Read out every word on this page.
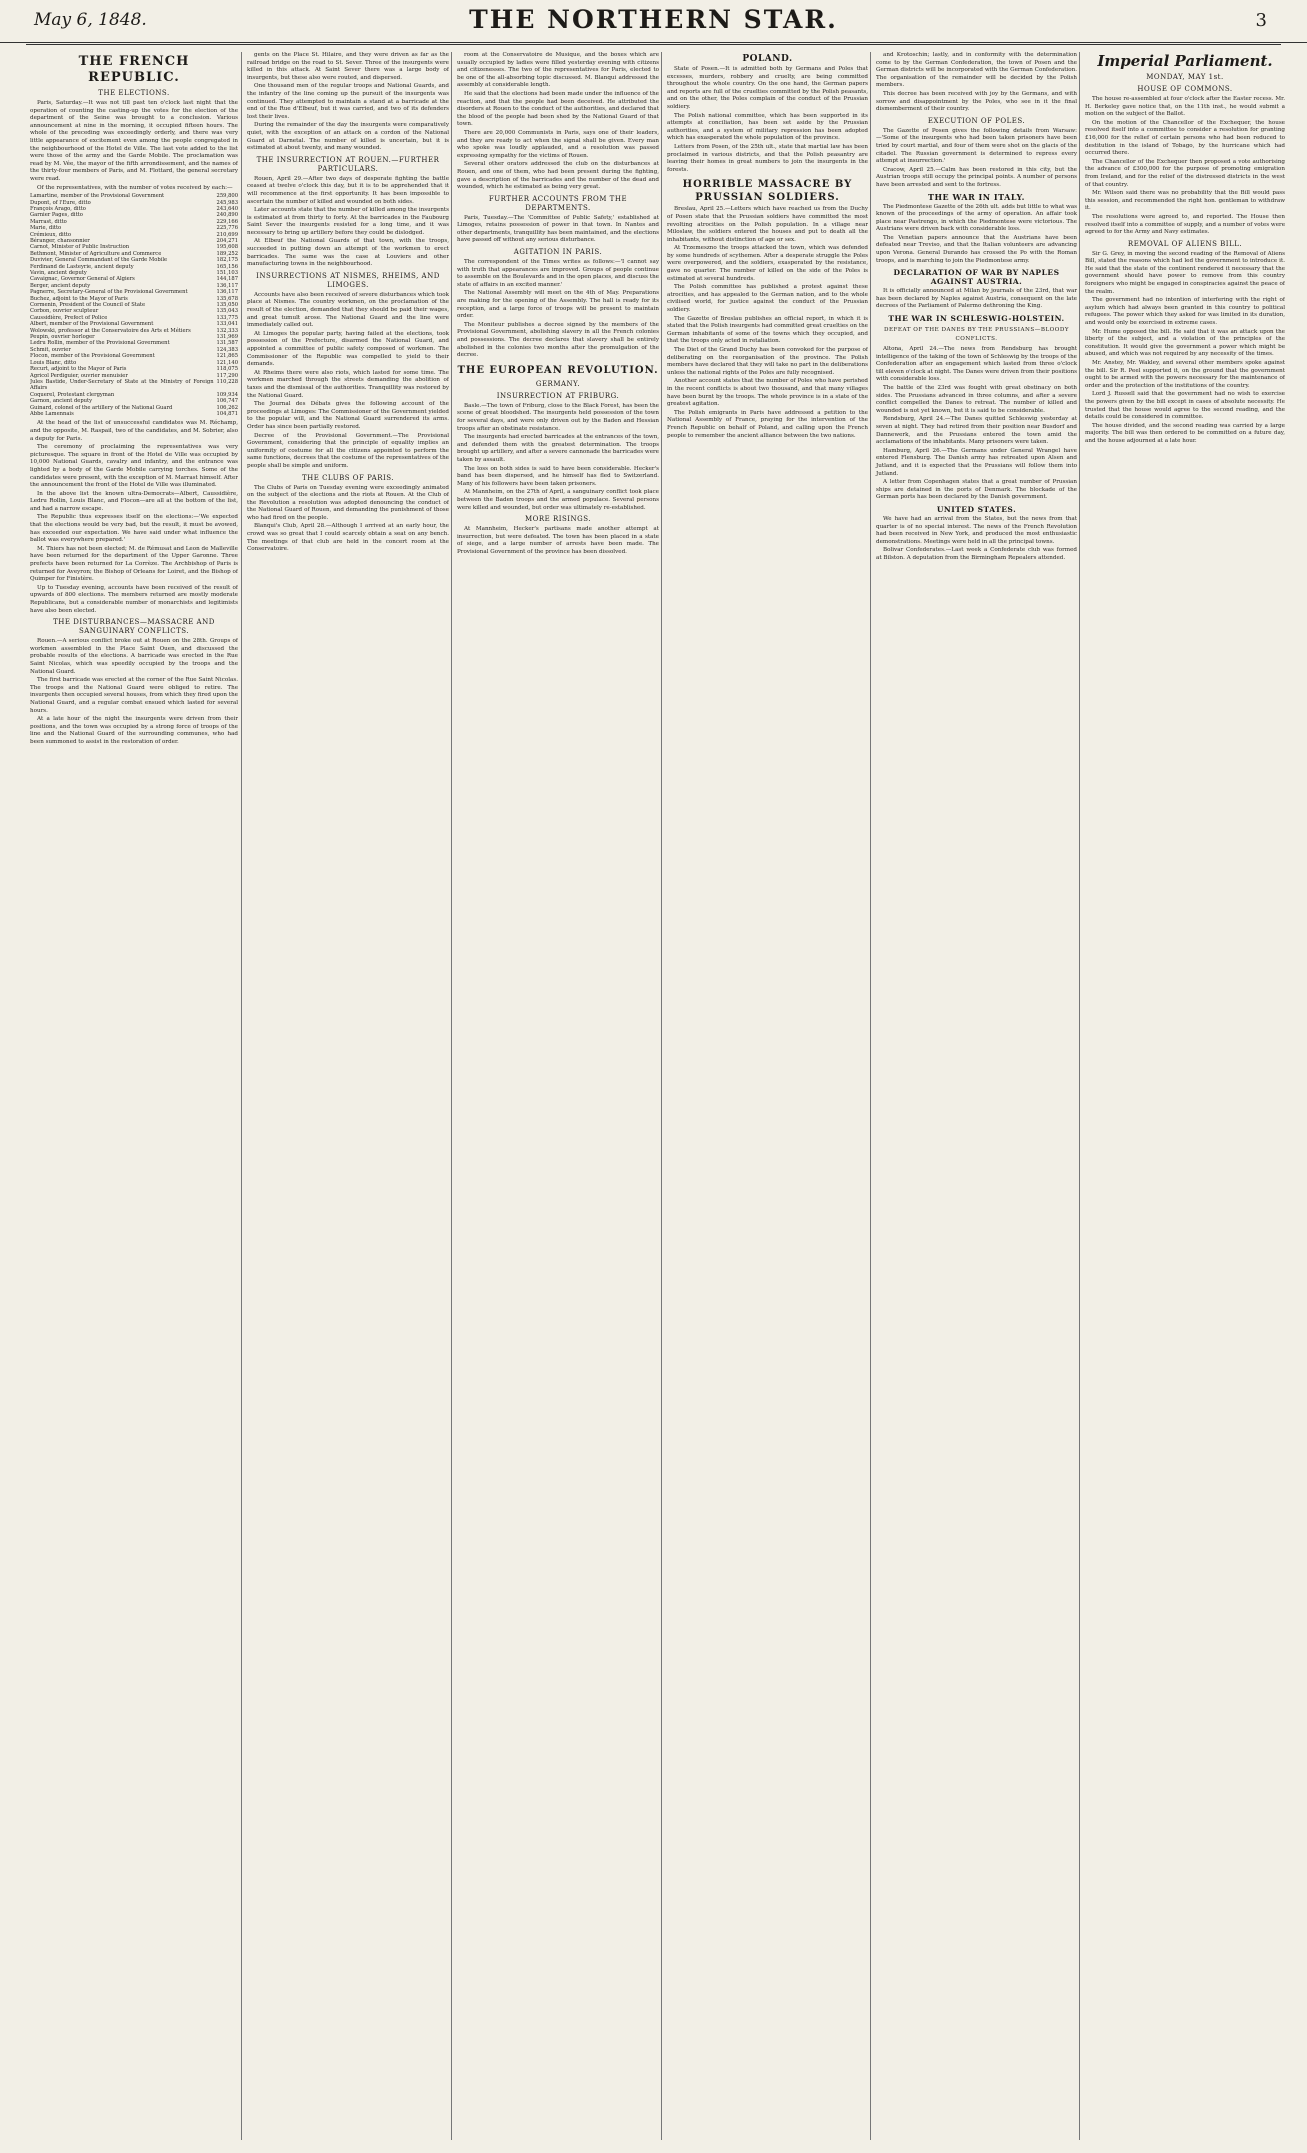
May 6, 1848.	THE NORTHERN STAR.	3
THE FRENCH REPUBLIC.
THE ELECTIONS.

Paris, Saturday.—It was not till past ten o'clock last night that the operation of counting the casting-up the votes for the election of the department of the Seine was brought to a conclusion. Various announcement at nine in the morning, it occupied fifteen hours. The whole of the preceding was exceedingly orderly, and there was very little appearance of excitement even among the people congregated in the neighbourhood of the Hotel de Ville. The last vote added to the list were those of the army and the Garde Mobile. The proclamation was read by M. Vée, the mayor of the fifth arrondissement, and the names of the thirty-four members of Paris, and M. Flottard, the general secretary were read.

Of the representatives, with the number of votes received by each:—

Lamartine, member of the Provisional Government	259,800
Dupont, of l'Eure, ditto	245,983
François Arago, ditto	243,640
Garnier Pages, ditto	240,890
Marrast, ditto	229,166
Marie, ditto	225,776
Crémieux, ditto	210,699
Béranger, chansonnier	204,271
Carnot, Minister of Public Instruction	195,608
Bethmont, Minister of Agriculture and Commerce	189,252
Duvivier, General Commandant of the Garde Mobile	182,175
Ferdinand de Lasteyrie, ancient deputy	165,156
Vavin, ancient deputy	151,103
Cavaignac, Governor General of Algiers	144,187
Berger, ancient deputy	136,117
Pagnerre, Secretary-General of the Provisional Government	136,117
Buchez, adjoint to the Mayor of Paris	135,678
Cormenin, President of the Council of State	135,050
Corbon, ouvrier sculpteur	135,043
Caussidière, Prefect of Police	133,775
Albert, member of the Provisional Government	133,041
Wolowski, professor at the Conservatoire des Arts et Métiers	132,333
Peupin, ouvrier horloger	131,969
Ledru Rollin, member of the Provisional Government	131,587
Schmit, ouvrier	124,383
Flocon, member of the Provisional Government	121,865
Louis Blanc, ditto	121,140
Recurt, adjoint to the Mayor of Paris	118,075
Agricol Perdiguier, ouvrier menuisier	117,290
Jules Bastide, Under-Secretary of State at the Ministry of Foreign Affairs	110,228
Coquerel, Protestant clergyman	109,934
Garnon, ancient deputy	106,747
Guinard, colonel of the artillery of the National Guard	106,262
Abbe Lamennais	104,871

At the head of the list of unsuccessful candidates was M. Réchamp, and the opposite, M. Raspail, two of the candidates, and M. Sobrier, also a deputy for Paris.

The ceremony of proclaiming the representatives was very picturesque. The square in front of the Hotel de Ville was occupied by 10,000 National Guards, cavalry and infantry, and the entrance was lighted by a body of the Garde Mobile carrying torches. Some of the candidates were present, with the exception of M. Marrast himself. After the announcement the front of the Hotel de Ville was illuminated.

In the above list the known ultra-Democrats—Albert, Caussidière, Ledru Rollin, Louis Blanc, and Flocon—are all at the bottom of the list, and had a narrow escape.

The Republic thus expresses itself on the elections:—'We expected that the elections would be very bad, but the result, it must be avowed, has exceeded our expectation. We have said under what influence the ballot was everywhere prepared.'

M. Thiers has not been elected; M. de Rémusat and Leon de Malleville have been returned for the department of the Upper Garonne. Three prefects have been returned for La Corrèze. The Archbishop of Paris is returned for Aveyron; the Bishop of Orleans for Loiret, and the Bishop of Quimper for Finistère.

Up to Tuesday evening, accounts have been received of the result of upwards of 800 elections. The members returned are mostly moderate Republicans, but a considerable number of monarchists and legitimists have also been elected.

THE DISTURBANCES—MASSACRE AND SANGUINARY CONFLICTS.

Rouen.—A serious conflict broke out at Rouen on the 28th. Groups of workmen assembled in the Place Saint Ouen, and discussed the probable results of the elections. A barricade was erected in the Rue Saint Nicolas, which was speedily occupied by the troops and the National Guard.

The first barricade was erected at the corner of the Rue Saint Nicolas. The troops and the National Guard were obliged to retire. The insurgents then occupied several houses, from which they fired upon the National Guard, and a regular combat ensued which lasted for several hours.

At a late hour of the night the insurgents were driven from their positions, and the town was occupied by a strong force of troops of the line and the National Guard of the surrounding communes, who had been summoned to assist in the restoration of order.

gents on the Place St. Hilaire, and they were driven as far as the railroad bridge on the road to St. Sever. Three of the insurgents were killed in this attack. At Saint Sever there was a large body of insurgents, but these also were routed, and dispersed.

One thousand men of the regular troops and National Guards, and the infantry of the line coming up the pursuit of the insurgents was continued. They attempted to maintain a stand at a barricade at the end of the Rue d'Elbeuf, but it was carried, and two of its defenders lost their lives.

During the remainder of the day the insurgents were comparatively quiet, with the exception of an attack on a cordon of the National Guard at Darnetal. The number of killed is uncertain, but it is estimated at about twenty, and many wounded.

THE INSURRECTION AT ROUEN.—FURTHER PARTICULARS.

Rouen, April 29.—After two days of desperate fighting the battle ceased at twelve o'clock this day, but it is to be apprehended that it will recommence at the first opportunity. It has been impossible to ascertain the number of killed and wounded on both sides.

Later accounts state that the number of killed among the insurgents is estimated at from thirty to forty. At the barricades in the Faubourg Saint Sever the insurgents resisted for a long time, and it was necessary to bring up artillery before they could be dislodged.

At Elbeuf the National Guards of that town, with the troops, succeeded in putting down an attempt of the workmen to erect barricades. The same was the case at Louviers and other manufacturing towns in the neighbourhood.

INSURRECTIONS AT NISMES, RHEIMS, AND LIMOGES.

Accounts have also been received of severe disturbances which took place at Nismes. The country workmen, on the proclamation of the result of the election, demanded that they should be paid their wages, and great tumult arose. The National Guard and the line were immediately called out.

At Limoges the popular party, having failed at the elections, took possession of the Prefecture, disarmed the National Guard, and appointed a committee of public safety composed of workmen. The Commissioner of the Republic was compelled to yield to their demands.

At Rheims there were also riots, which lasted for some time. The workmen marched through the streets demanding the abolition of taxes and the dismissal of the authorities. Tranquillity was restored by the National Guard.

The Journal des Débats gives the following account of the proceedings at Limoges: The Commissioner of the Government yielded to the popular will, and the National Guard surrendered its arms. Order has since been partially restored.

Decree of the Provisional Government.—The Provisional Government, considering that the principle of equality implies an uniformity of costume for all the citizens appointed to perform the same functions, decrees that the costume of the representatives of the people shall be simple and uniform.

THE CLUBS OF PARIS.

The Clubs of Paris on Tuesday evening were exceedingly animated on the subject of the elections and the riots at Rouen. At the Club of the Revolution a resolution was adopted denouncing the conduct of the National Guard of Rouen, and demanding the punishment of those who had fired on the people.

Blanqui's Club, April 28.—Although I arrived at an early hour, the crowd was so great that I could scarcely obtain a seat on any bench. The meetings of that club are held in the concert room at the Conservatoire.

room at the Conservatoire de Musique, and the boxes which are usually occupied by ladies were filled yesterday evening with citizens and citizenesses. The two of the representatives for Paris, elected to be one of the all-absorbing topic discussed. M. Blanqui addressed the assembly at considerable length.

He said that the elections had been made under the influence of the reaction, and that the people had been deceived. He attributed the disorders at Rouen to the conduct of the authorities, and declared that the blood of the people had been shed by the National Guard of that town.

There are 20,000 Communists in Paris, says one of their leaders, and they are ready to act when the signal shall be given. Every man who spoke was loudly applauded, and a resolution was passed expressing sympathy for the victims of Rouen.

Several other orators addressed the club on the disturbances at Rouen, and one of them, who had been present during the fighting, gave a description of the barricades and the number of the dead and wounded, which he estimated as being very great.

FURTHER ACCOUNTS FROM THE DEPARTMENTS.

Paris, Tuesday.—The 'Committee of Public Safety,' established at Limoges, retains possession of power in that town. In Nantes and other departments, tranquillity has been maintained, and the elections have passed off without any serious disturbance.

AGITATION IN PARIS.

The correspondent of the Times writes as follows:—'I cannot say with truth that appearances are improved. Groups of people continue to assemble on the Boulevards and in the open places, and discuss the state of affairs in an excited manner.'

The National Assembly will meet on the 4th of May. Preparations are making for the opening of the Assembly. The hall is ready for its reception, and a large force of troops will be present to maintain order.

The Moniteur publishes a decree signed by the members of the Provisional Government, abolishing slavery in all the French colonies and possessions. The decree declares that slavery shall be entirely abolished in the colonies two months after the promulgation of the decree.

THE EUROPEAN REVOLUTION.
GERMANY.
INSURRECTION AT FRIBURG.

Basle.—The town of Friburg, close to the Black Forest, has been the scene of great bloodshed. The insurgents held possession of the town for several days, and were only driven out by the Baden and Hessian troops after an obstinate resistance.

The insurgents had erected barricades at the entrances of the town, and defended them with the greatest determination. The troops brought up artillery, and after a severe cannonade the barricades were taken by assault.

The loss on both sides is said to have been considerable. Hecker's band has been dispersed, and he himself has fled to Switzerland. Many of his followers have been taken prisoners.

At Mannheim, on the 27th of April, a sanguinary conflict took place between the Baden troops and the armed populace. Several persons were killed and wounded, but order was ultimately re-established.

MORE RISINGS.

At Mannheim, Hecker's partisans made another attempt at insurrection, but were defeated. The town has been placed in a state of siege, and a large number of arrests have been made. The Provisional Government of the province has been dissolved.

POLAND.

State of Posen.—It is admitted both by Germans and Poles that excesses, murders, robbery and cruelty, are being committed throughout the whole country. On the one hand, the German papers and reports are full of the cruelties committed by the Polish peasants, and on the other, the Poles complain of the conduct of the Prussian soldiery.

The Polish national committee, which has been supported in its attempts at conciliation, has been set aside by the Prussian authorities, and a system of military repression has been adopted which has exasperated the whole population of the province.

Letters from Posen, of the 25th ult., state that martial law has been proclaimed in various districts, and that the Polish peasantry are leaving their homes in great numbers to join the insurgents in the forests.

HORRIBLE MASSACRE BY PRUSSIAN SOLDIERS.

Breslau, April 25.—Letters which have reached us from the Duchy of Posen state that the Prussian soldiers have committed the most revolting atrocities on the Polish population. In a village near Miloslaw, the soldiers entered the houses and put to death all the inhabitants, without distinction of age or sex.

At Trzemeszno the troops attacked the town, which was defended by some hundreds of scythemen. After a desperate struggle the Poles were overpowered, and the soldiers, exasperated by the resistance, gave no quarter. The number of killed on the side of the Poles is estimated at several hundreds.

The Polish committee has published a protest against these atrocities, and has appealed to the German nation, and to the whole civilised world, for justice against the conduct of the Prussian soldiery.

The Gazette of Breslau publishes an official report, in which it is stated that the Polish insurgents had committed great cruelties on the German inhabitants of some of the towns which they occupied, and that the troops only acted in retaliation.

The Diet of the Grand Duchy has been convoked for the purpose of deliberating on the reorganisation of the province. The Polish members have declared that they will take no part in the deliberations unless the national rights of the Poles are fully recognised.

Another account states that the number of Poles who have perished in the recent conflicts is about two thousand, and that many villages have been burnt by the troops. The whole province is in a state of the greatest agitation.

The Polish emigrants in Paris have addressed a petition to the National Assembly of France, praying for the intervention of the French Republic on behalf of Poland, and calling upon the French people to remember the ancient alliance between the two nations.

and Krotoschin; lastly, and in conformity with the determination come to by the German Confederation, the town of Posen and the German districts will be incorporated with the German Confederation. The organisation of the remainder will be decided by the Polish members.

This decree has been received with joy by the Germans, and with sorrow and disappointment by the Poles, who see in it the final dismemberment of their country.

EXECUTION OF POLES.

The Gazette of Posen gives the following details from Warsaw:—'Some of the insurgents who had been taken prisoners have been tried by court martial, and four of them were shot on the glacis of the citadel. The Russian government is determined to repress every attempt at insurrection.'

Cracow, April 25.—Calm has been restored in this city, but the Austrian troops still occupy the principal points. A number of persons have been arrested and sent to the fortress.

THE WAR IN ITALY.

The Piedmontese Gazette of the 26th ult. adds but little to what was known of the proceedings of the army of operation. An affair took place near Pastrengo, in which the Piedmontese were victorious. The Austrians were driven back with considerable loss.

The Venetian papers announce that the Austrians have been defeated near Treviso, and that the Italian volunteers are advancing upon Verona. General Durando has crossed the Po with the Roman troops, and is marching to join the Piedmontese army.

DECLARATION OF WAR BY NAPLES AGAINST AUSTRIA.

It is officially announced at Milan by journals of the 23rd, that war has been declared by Naples against Austria, consequent on the late decrees of the Parliament of Palermo dethroning the King.

THE WAR IN SCHLESWIG-HOLSTEIN.
DEFEAT OF THE DANES BY THE PRUSSIANS—BLOODY CONFLICTS.

Altona, April 24.—The news from Rendsburg has brought intelligence of the taking of the town of Schleswig by the troops of the Confederation after an engagement which lasted from three o'clock till eleven o'clock at night. The Danes were driven from their positions with considerable loss.

The battle of the 23rd was fought with great obstinacy on both sides. The Prussians advanced in three columns, and after a severe conflict compelled the Danes to retreat. The number of killed and wounded is not yet known, but it is said to be considerable.

Rendsburg, April 24.—The Danes quitted Schleswig yesterday at seven at night. They had retired from their position near Busdorf and Dannewerk, and the Prussians entered the town amid the acclamations of the inhabitants. Many prisoners were taken.

Hamburg, April 26.—The Germans under General Wrangel have entered Flensburg. The Danish army has retreated upon Alsen and Jutland, and it is expected that the Prussians will follow them into Jutland.

A letter from Copenhagen states that a great number of Prussian ships are detained in the ports of Denmark. The blockade of the German ports has been declared by the Danish government.

UNITED STATES.

We have had an arrival from the States, but the news from that quarter is of no special interest. The news of the French Revolution had been received in New York, and produced the most enthusiastic demonstrations. Meetings were held in all the principal towns.

Bolivar Confederates.—Last week a Confederate club was formed at Bilston. A deputation from the Birmingham Repealers attended.

Imperial Parliament.
MONDAY, MAY 1st.
HOUSE OF COMMONS.

The house re-assembled at four o'clock after the Easter recess. Mr. H. Berkeley gave notice that, on the 11th inst., he would submit a motion on the subject of the Ballot.

On the motion of the Chancellor of the Exchequer, the house resolved itself into a committee to consider a resolution for granting £16,000 for the relief of certain persons who had been reduced to destitution in the island of Tobago, by the hurricane which had occurred there.

The Chancellor of the Exchequer then proposed a vote authorising the advance of £300,000 for the purpose of promoting emigration from Ireland, and for the relief of the distressed districts in the west of that country.

Mr. Wilson said there was no probability that the Bill would pass this session, and recommended the right hon. gentleman to withdraw it.

The resolutions were agreed to, and reported. The House then resolved itself into a committee of supply, and a number of votes were agreed to for the Army and Navy estimates.

REMOVAL OF ALIENS BILL.

Sir G. Grey, in moving the second reading of the Removal of Aliens Bill, stated the reasons which had led the government to introduce it. He said that the state of the continent rendered it necessary that the government should have power to remove from this country foreigners who might be engaged in conspiracies against the peace of the realm.

The government had no intention of interfering with the right of asylum which had always been granted in this country to political refugees. The power which they asked for was limited in its duration, and would only be exercised in extreme cases.

Mr. Hume opposed the bill. He said that it was an attack upon the liberty of the subject, and a violation of the principles of the constitution. It would give the government a power which might be abused, and which was not required by any necessity of the times.

Mr. Anstey, Mr. Wakley, and several other members spoke against the bill. Sir R. Peel supported it, on the ground that the government ought to be armed with the powers necessary for the maintenance of order and the protection of the institutions of the country.

Lord J. Russell said that the government had no wish to exercise the powers given by the bill except in cases of absolute necessity. He trusted that the house would agree to the second reading, and the details could be considered in committee.

The house divided, and the second reading was carried by a large majority. The bill was then ordered to be committed on a future day, and the house adjourned at a late hour.
